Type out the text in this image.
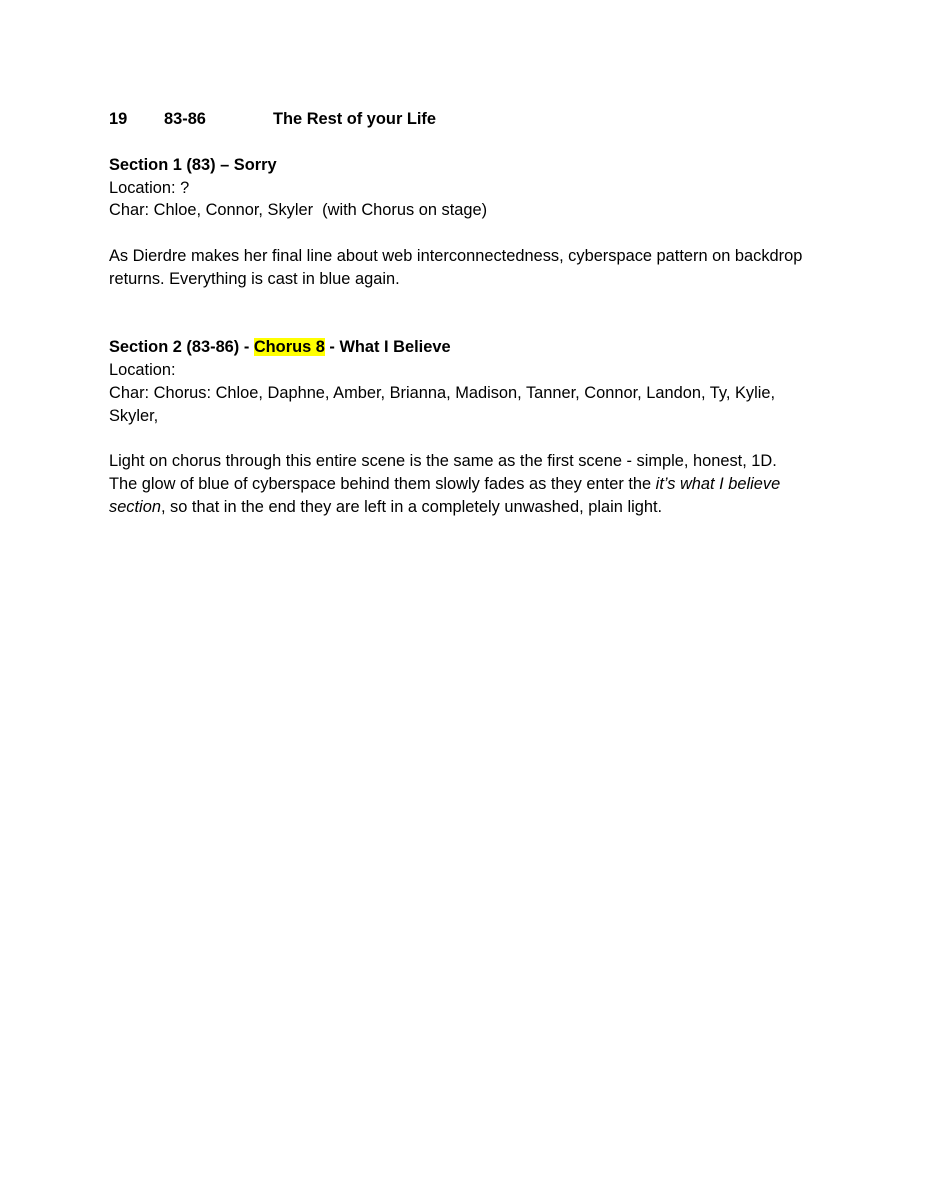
19 83-86	The Rest of your Life
Section 1 (83) – Sorry
Location: ?
Char: Chloe, Connor, Skyler  (with Chorus on stage)

As Dierdre makes her final line about web interconnectedness, cyberspace pattern on backdrop returns. Everything is cast in blue again.

Section 2 (83-86) - Chorus 8 - What I Believe
Location:
Char: Chorus: Chloe, Daphne, Amber, Brianna, Madison, Tanner, Connor, Landon, Ty, Kylie, Skyler,

Light on chorus through this entire scene is the same as the first scene - simple, honest, 1D. The glow of blue of cyberspace behind them slowly fades as they enter the it’s what I believe section, so that in the end they are left in a completely unwashed, plain light.
